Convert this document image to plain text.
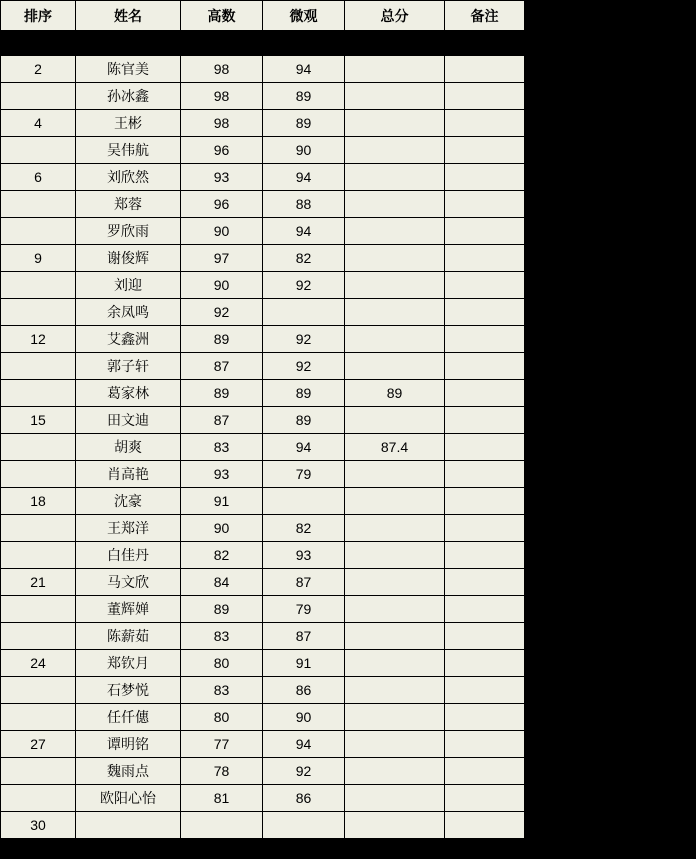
排序	姓名	高数	微观	总分	备注
2	陈官美	98	94		
	孙冰鑫	98	89		
4	王彬	98	89		
	吴伟航	96	90		
6	刘欣然	93	94		
	郑蓉	96	88		
	罗欣雨	90	94		
9	谢俊辉	97	82		
	刘迎	90	92		
	余凤鸣	92			
12	艾鑫洲	89	92		
	郭子轩	87	92		
	葛家林	89	89	89	
15	田文迪	87	89		
	胡爽	83	94	87.4	
	肖高艳	93	79		
18	沈豪	91			
	王郑洋	90	82		
	白佳丹	82	93		
21	马文欣	84	87		
	董辉婵	89	79		
	陈薪茹	83	87		
24	郑钦月	80	91		
	石梦悦	83	86		
	任仟僡	80	90		
27	谭明铭	77	94		
	魏雨点	78	92		
	欧阳心怡	81	86		
30					
